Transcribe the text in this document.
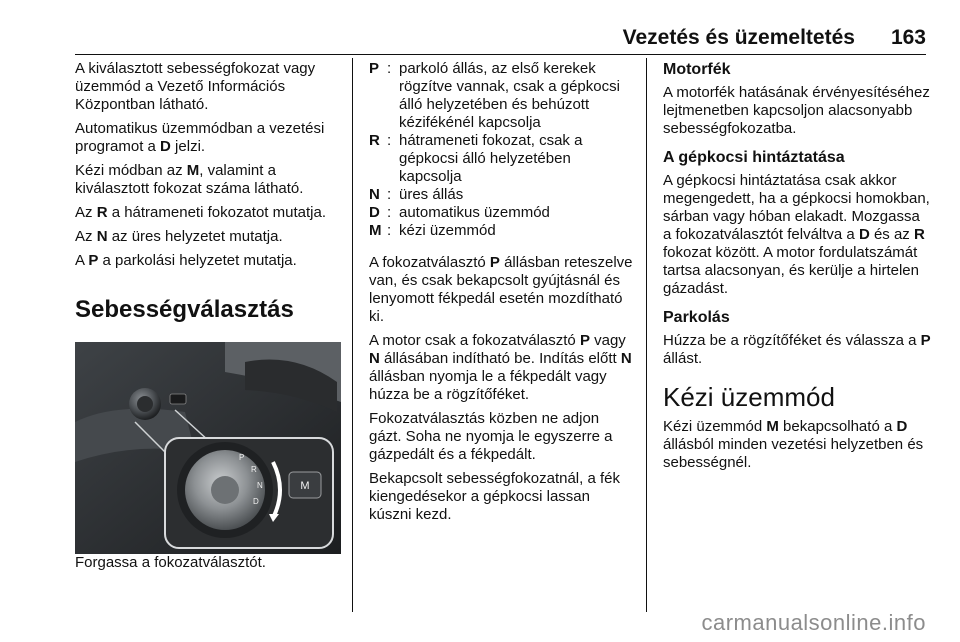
Vezetés és üzemeltetés 163

A kiválasztott sebességfokozat vagy üzemmód a Vezető Információs Központban látható.

Automatikus üzemmódban a vezetési programot a D jelzi.

Kézi módban az M, valamint a kiválasztott fokozat száma látható.

Az R a hátrameneti fokozatot mutatja.

Az N az üres helyzetet mutatja.

A P a parkolási helyzetet mutatja.

Sebességválasztás
P
R
N
D
M

Forgassa a fokozatválasztót.

P	:	parkoló állás, az első kerekek rögzítve vannak, csak a gépkocsi álló helyzetében és behúzott kézifékénél kapcsolja
R	:	hátrameneti fokozat, csak a gépkocsi álló helyzetében kapcsolja
N	:	üres állás
D	:	automatikus üzemmód
M	:	kézi üzemmód

A fokozatválasztó P állásban reteszelve van, és csak bekapcsolt gyújtásnál és lenyomott fékpedál esetén mozdítható ki.

A motor csak a fokozatválasztó P vagy N állásában indítható be. Indítás előtt N állásban nyomja le a fékpedált vagy húzza be a rögzítőféket.

Fokozatválasztás közben ne adjon gázt. Soha ne nyomja le egyszerre a gázpedált és a fékpedált.

Bekapcsolt sebességfokozatnál, a fék kiengedésekor a gépkocsi lassan kúszni kezd.

Motorfék

A motorfék hatásának érvényesítéséhez lejtmenetben kapcsoljon alacsonyabb sebességfokozatba.

A gépkocsi hintáztatása

A gépkocsi hintáztatása csak akkor megengedett, ha a gépkocsi homokban, sárban vagy hóban elakadt. Mozgassa a fokozatválasztót felváltva a D és az R fokozat között. A motor fordulatszámát tartsa alacsonyan, és kerülje a hirtelen gázadást.

Parkolás

Húzza be a rögzítőféket és válassza a P állást.

Kézi üzemmód

Kézi üzemmód M bekapcsolható a D állásból minden vezetési helyzetben és sebességnél.

carmanualsonline.info
